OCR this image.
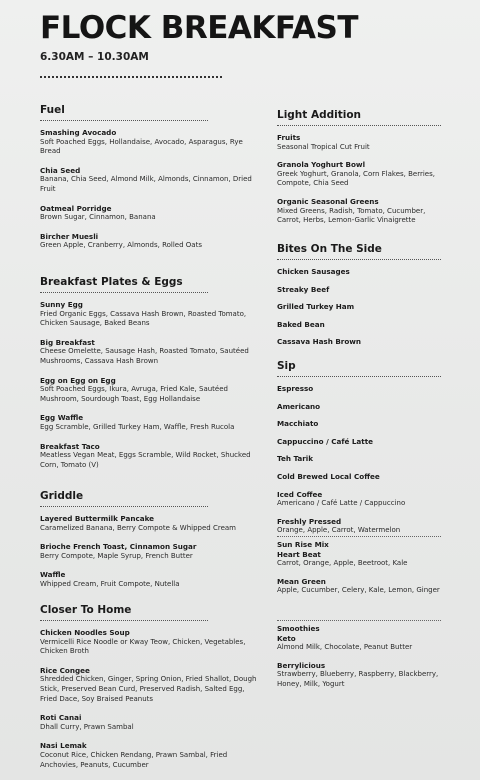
FLOCK BREAKFAST
6.30AM – 10.30AM
Fuel
Smashing Avocado
Soft Poached Eggs, Hollandaise, Avocado, Asparagus, Rye Bread
Chia Seed
Banana, Chia Seed, Almond Milk, Almonds, Cinnamon, Dried Fruit
Oatmeal Porridge
Brown Sugar, Cinnamon, Banana
Bircher Muesli
Green Apple, Cranberry, Almonds, Rolled Oats
Breakfast Plates & Eggs
Sunny Egg
Fried Organic Eggs, Cassava Hash Brown, Roasted Tomato, Chicken Sausage, Baked Beans
Big Breakfast
Cheese Omelette, Sausage Hash, Roasted Tomato, Sautéed Mushrooms, Cassava Hash Brown
Egg on Egg on Egg
Soft Poached Eggs, Ikura, Avruga, Fried Kale, Sautéed Mushroom, Sourdough Toast, Egg Hollandaise
Egg Waffle
Egg Scramble, Grilled Turkey Ham, Waffle, Fresh Rucola
Breakfast Taco
Meatless Vegan Meat, Eggs Scramble, Wild Rocket, Shucked Corn, Tomato (V)
Griddle
Layered Buttermilk Pancake
Caramelized Banana, Berry Compote & Whipped Cream
Brioche French Toast, Cinnamon Sugar
Berry Compote, Maple Syrup, French Butter
Waffle
Whipped Cream, Fruit Compote, Nutella
Closer To Home
Chicken Noodles Soup
Vermicelli Rice Noodle or Kway Teow, Chicken, Vegetables, Chicken Broth
Rice Congee
Shredded Chicken, Ginger, Spring Onion, Fried Shallot, Dough Stick, Preserved Bean Curd, Preserved Radish, Salted Egg, Fried Dace, Soy Braised Peanuts
Roti Canai
Dhall Curry, Prawn Sambal
Nasi Lemak
Coconut Rice, Chicken Rendang, Prawn Sambal, Fried Anchovies, Peanuts, Cucumber
Light Addition
Fruits
Seasonal Tropical Cut Fruit
Granola Yoghurt Bowl
Greek Yoghurt, Granola, Corn Flakes, Berries, Compote, Chia Seed
Organic Seasonal Greens
Mixed Greens, Radish, Tomato, Cucumber, Carrot, Herbs, Lemon-Garlic Vinaigrette
Bites On The Side
Chicken Sausages
Streaky Beef
Grilled Turkey Ham
Baked Bean
Cassava Hash Brown
Sip
Espresso
Americano
Macchiato
Cappuccino / Café Latte
Teh Tarik
Cold Brewed Local Coffee
Iced Coffee
Americano / Café Latte / Cappuccino
Freshly Pressed
Orange, Apple, Carrot, Watermelon
Sun Rise Mix
Heart Beat
Carrot, Orange, Apple, Beetroot, Kale
Mean Green
Apple, Cucumber, Celery, Kale, Lemon, Ginger
Smoothies
Keto
Almond Milk, Chocolate, Peanut Butter
Berrylicious
Strawberry, Blueberry, Raspberry, Blackberry, Honey, Milk, Yogurt
